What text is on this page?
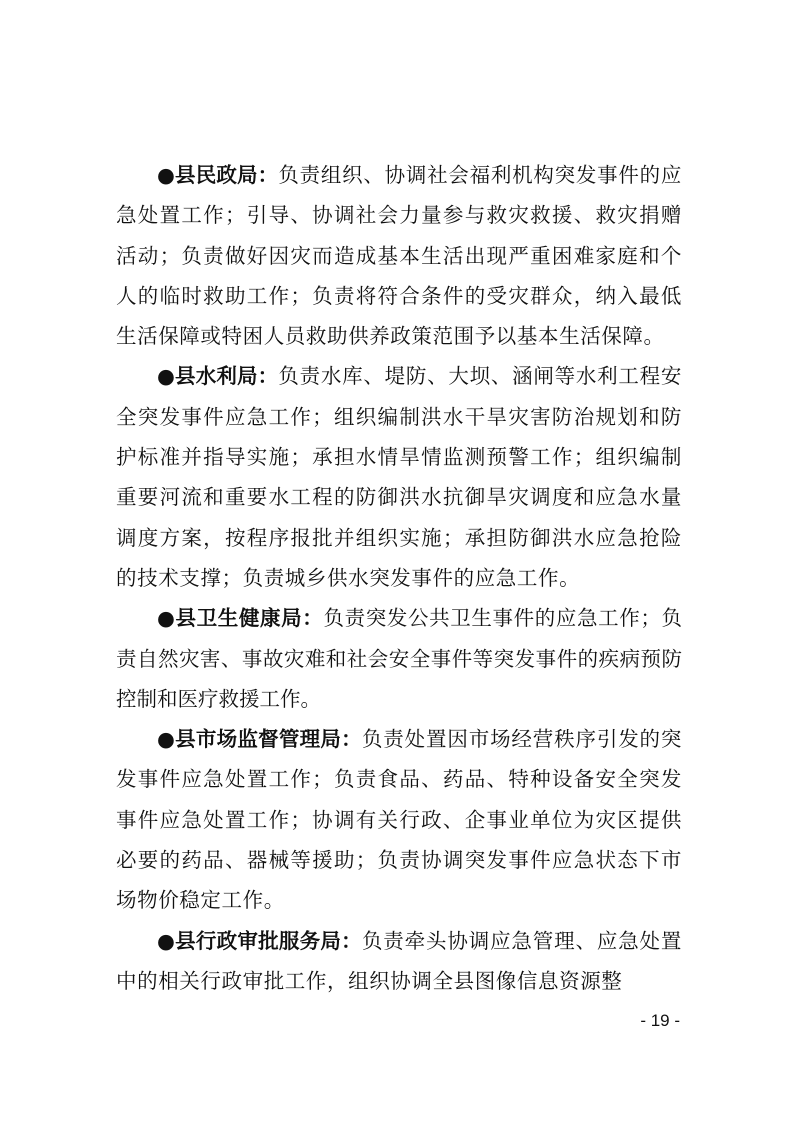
●县民政局：负责组织、协调社会福利机构突发事件的应急处置工作；引导、协调社会力量参与救灾救援、救灾捐赠活动；负责做好因灾而造成基本生活出现严重困难家庭和个人的临时救助工作；负责将符合条件的受灾群众，纳入最低生活保障或特困人员救助供养政策范围予以基本生活保障。

●县水利局：负责水库、堤防、大坝、涵闸等水利工程安全突发事件应急工作；组织编制洪水干旱灾害防治规划和防护标准并指导实施；承担水情旱情监测预警工作；组织编制重要河流和重要水工程的防御洪水抗御旱灾调度和应急水量调度方案，按程序报批并组织实施；承担防御洪水应急抢险的技术支撑；负责城乡供水突发事件的应急工作。

●县卫生健康局：负责突发公共卫生事件的应急工作；负责自然灾害、事故灾难和社会安全事件等突发事件的疾病预防控制和医疗救援工作。

●县市场监督管理局：负责处置因市场经营秩序引发的突发事件应急处置工作；负责食品、药品、特种设备安全突发事件应急处置工作；协调有关行政、企事业单位为灾区提供必要的药品、器械等援助；负责协调突发事件应急状态下市场物价稳定工作。

●县行政审批服务局：负责牵头协调应急管理、应急处置中的相关行政审批工作，组织协调全县图像信息资源整

- 19 -
